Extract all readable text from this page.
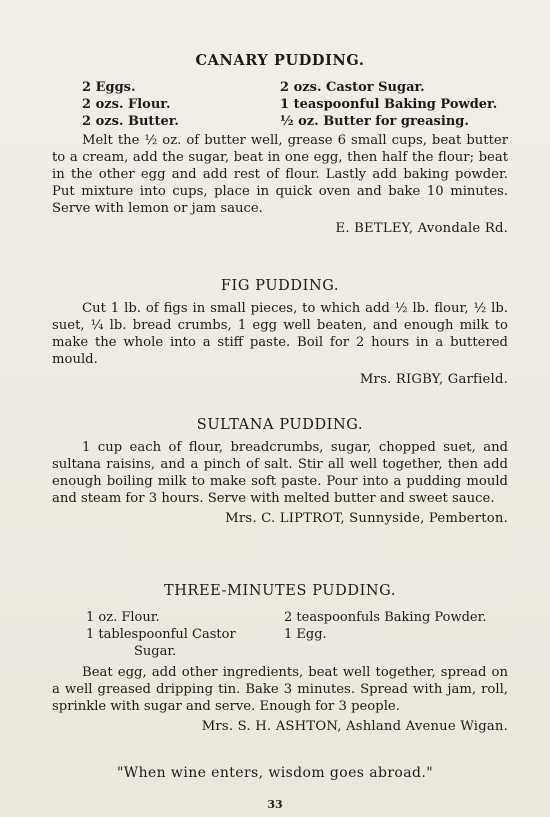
CANARY PUDDING.
2 Eggs.	2 ozs. Castor Sugar.
2 ozs. Flour.	1 teaspoonful Baking Powder.
2 ozs. Butter.	½ oz. Butter for greasing.

Melt the ½ oz. of butter well, grease 6 small cups, beat butter to a cream, add the sugar, beat in one egg, then half the flour; beat in the other egg and add rest of flour. Lastly add baking powder. Put mixture into cups, place in quick oven and bake 10 minutes. Serve with lemon or jam sauce.

E. BETLEY, Avondale Rd.

FIG PUDDING.

Cut 1 lb. of figs in small pieces, to which add ½ lb. flour, ½ lb. suet, ¼ lb. bread crumbs, 1 egg well beaten, and enough milk to make the whole into a stiff paste. Boil for 2 hours in a buttered mould.

Mrs. RIGBY, Garfield.

SULTANA PUDDING.

1 cup each of flour, breadcrumbs, sugar, chopped suet, and sultana raisins, and a pinch of salt. Stir all well together, then add enough boiling milk to make soft paste. Pour into a pudding mould and steam for 3 hours. Serve with melted butter and sweet sauce.

Mrs. C. LIPTROT, Sunnyside, Pemberton.

THREE-MINUTES PUDDING.
1 oz. Flour.	2 teaspoonfuls Baking Powder.
1 tablespoonful Castor	1 Egg.
Sugar.

Beat egg, add other ingredients, beat well together, spread on a well greased dripping tin. Bake 3 minutes. Spread with jam, roll, sprinkle with sugar and serve. Enough for 3 people.

Mrs. S. H. ASHTON, Ashland Avenue Wigan.

"When wine enters, wisdom goes abroad."
33
